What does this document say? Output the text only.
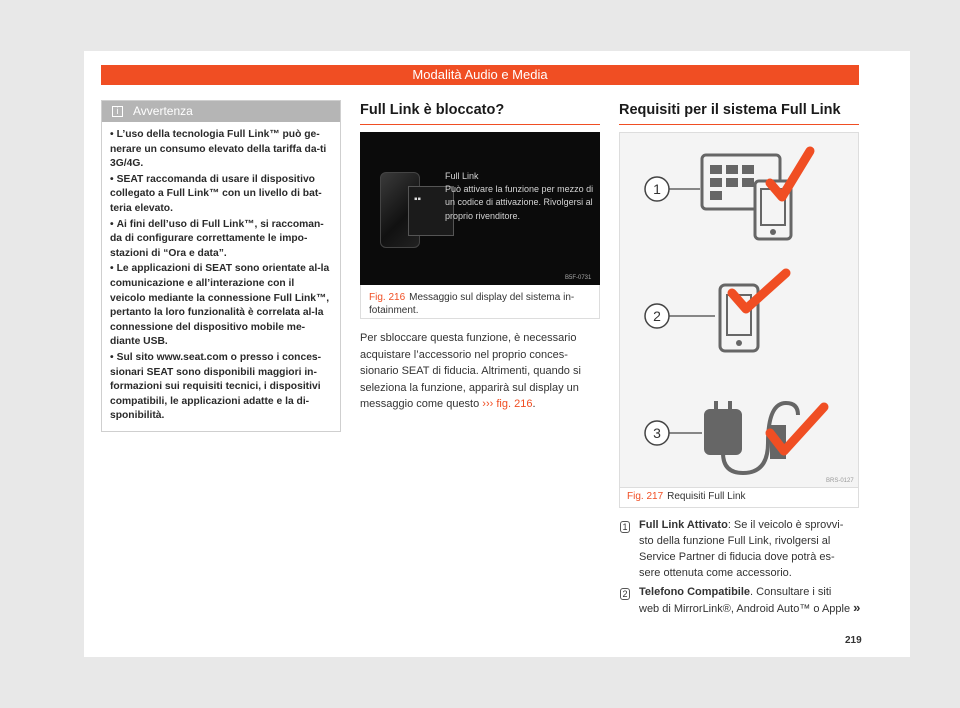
Modalità Audio e Media
i	Avvertenza

• L’uso della tecnologia Full Link™ può ge-nerare un consumo elevato della tariffa da-ti 3G/4G.

• SEAT raccomanda di usare il dispositivo collegato a Full Link™ con un livello di bat-teria elevato.

• Ai fini dell’uso di Full Link™, si raccoman-da di configurare correttamente le impo-stazioni di “Ora e data”.

• Le applicazioni di SEAT sono orientate al-la comunicazione e all’interazione con il veicolo mediante la connessione Full Link™, pertanto la loro funzionalità è correlata al-la connessione del dispositivo mobile me-diante USB.

• Sul sito www.seat.com o presso i conces-sionari SEAT sono disponibili maggiori in-formazioni sui requisiti tecnici, i dispositivi compatibili, le applicazioni adatte e la di-sponibilità.

Full Link è bloccato?
▪▪
Full Link
Può attivare la funzione per mezzo di
un codice di attivazione. Rivolgersi al
proprio rivenditore.
B5F-0731
Fig. 216 Messaggio sul display del sistema in-
fotainment.
Per sbloccare questa funzione, è necessario
acquistare l’accessorio nel proprio conces-
sionario SEAT di fiducia. Altrimenti, quando si
seleziona la funzione, apparirà sul display un
messaggio come questo ››› fig. 216.
Requisiti per il sistema Full Link
1
2
3
BRS-0127
Fig. 217 Requisiti Full Link
1 Full Link Attivato: Se il veicolo è sprovvi-
sto della funzione Full Link, rivolgersi al
Service Partner di fiducia dove potrà es-
sere ottenuta come accessorio.
2 Telefono Compatibile. Consultare i siti
web di MirrorLink®, Android Auto™ o Apple »
219
